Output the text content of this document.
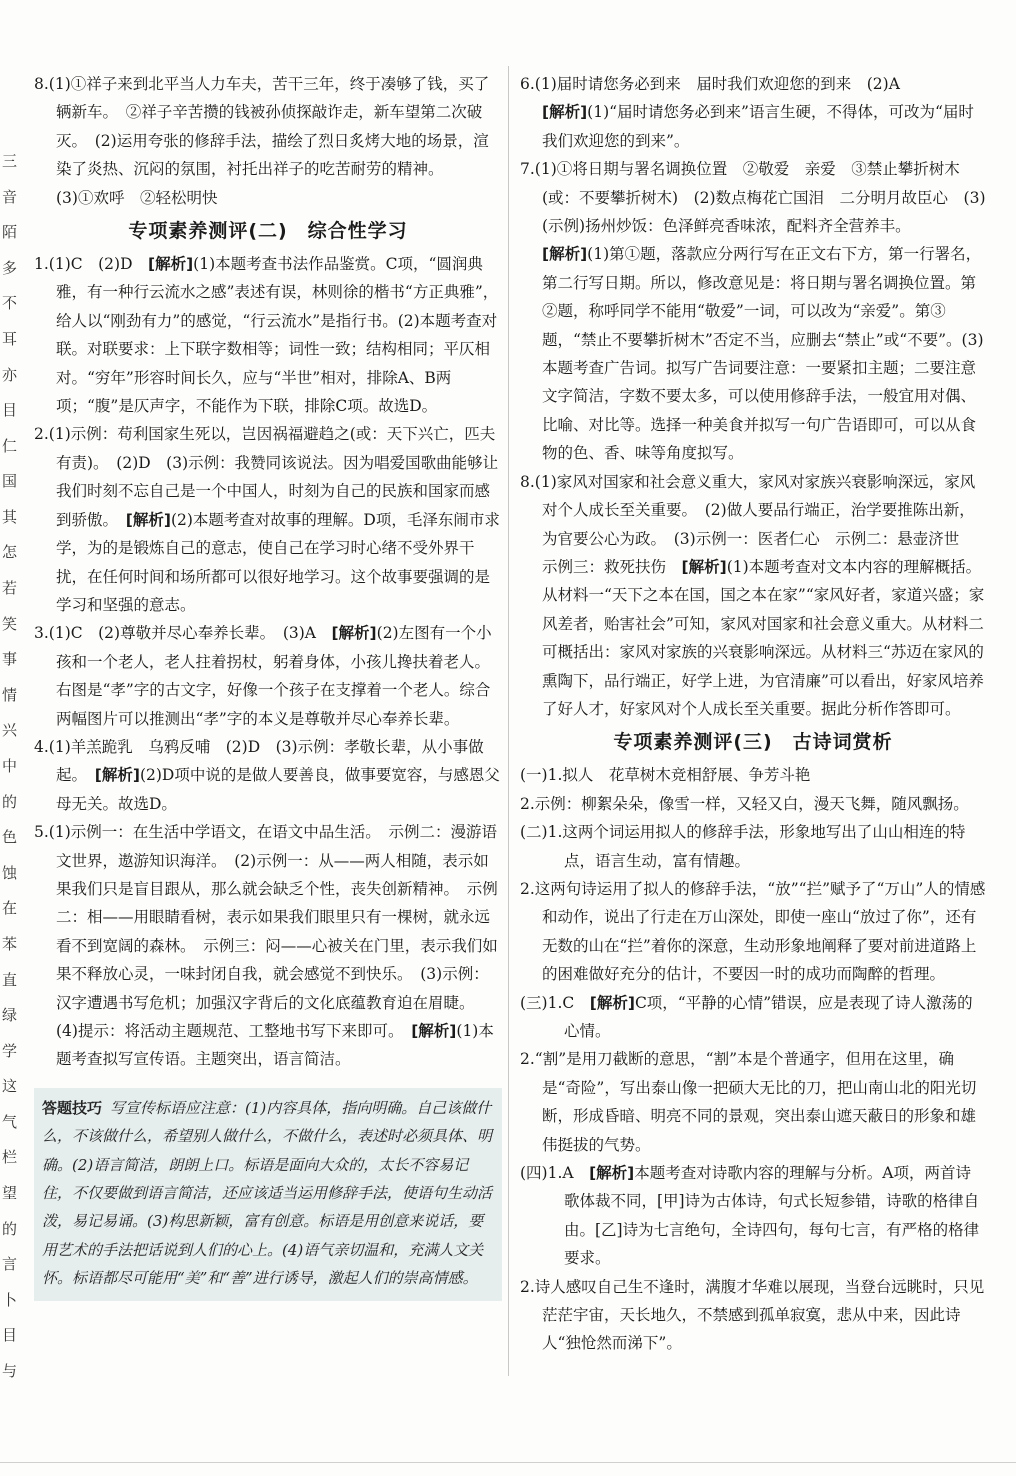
三
音
陌
多
不
耳
亦
目
仁
国
其
怎
若
笑
事
情
兴
中
的
色
蚀
在
苯
直
绿
学
这
气
栏
望
的
言
卜
目
与

8.(1)①祥子来到北平当人力车夫，苦干三年，终于凑够了钱，买了辆新车。　②祥子辛苦攒的钱被孙侦探敲诈走，新车望第二次破灭。　(2)运用夸张的修辞手法，描绘了烈日炙烤大地的场景，渲染了炎热、沉闷的氛围，衬托出祥子的吃苦耐劳的精神。

(3)①欢呼　②轻松明快

专项素养测评(二)　综合性学习

1.(1)C　(2)D　[解析](1)本题考查书法作品鉴赏。C项，“圆润典雅，有一种行云流水之感”表述有误，林则徐的楷书“方正典雅”，给人以“刚劲有力”的感觉，“行云流水”是指行书。(2)本题考查对联。对联要求：上下联字数相等；词性一致；结构相同；平仄相对。“穷年”形容时间长久，应与“半世”相对，排除A、B两项；“腹”是仄声字，不能作为下联，排除C项。故选D。

2.(1)示例：苟利国家生死以，岂因祸福避趋之(或：天下兴亡，匹夫有责)。　(2)D　(3)示例：我赞同该说法。因为唱爱国歌曲能够让我们时刻不忘自己是一个中国人，时刻为自己的民族和国家而感到骄傲。　[解析](2)本题考查对故事的理解。D项，毛泽东闹市求学，为的是锻炼自己的意志，使自己在学习时心绪不受外界干扰，在任何时间和场所都可以很好地学习。这个故事要强调的是学习和坚强的意志。

3.(1)C　(2)尊敬并尽心奉养长辈。　(3)A　[解析](2)左图有一个小孩和一个老人，老人拄着拐杖，躬着身体，小孩儿搀扶着老人。右图是“孝”字的古文字，好像一个孩子在支撑着一个老人。综合两幅图片可以推测出“孝”字的本义是尊敬并尽心奉养长辈。

4.(1)羊羔跪乳　乌鸦反哺　(2)D　(3)示例：孝敬长辈，从小事做起。　[解析](2)D项中说的是做人要善良，做事要宽容，与感恩父母无关。故选D。

5.(1)示例一：在生活中学语文，在语文中品生活。　示例二：漫游语文世界，遨游知识海洋。　(2)示例一：从——两人相随，表示如果我们只是盲目跟从，那么就会缺乏个性，丧失创新精神。　示例二：相——用眼睛看树，表示如果我们眼里只有一棵树，就永远看不到宽阔的森林。　示例三：闷——心被关在门里，表示我们如果不释放心灵，一味封闭自我，就会感觉不到快乐。　(3)示例：汉字遭遇书写危机；加强汉字背后的文化底蕴教育迫在眉睫。　(4)提示：将活动主题规范、工整地书写下来即可。　[解析](1)本题考查拟写宣传语。主题突出，语言简洁。

答题技巧 写宣传标语应注意：(1)内容具体，指向明确。自己该做什么，不该做什么，希望别人做什么，不做什么，表述时必须具体、明确。(2)语言简洁，朗朗上口。标语是面向大众的，太长不容易记住，不仅要做到语言简洁，还应该适当运用修辞手法，使语句生动活泼，易记易诵。(3)构思新颖，富有创意。标语是用创意来说话，要用艺术的手法把话说到人们的心上。(4)语气亲切温和，充满人文关怀。标语都尽可能用“美”和“善”进行诱导，激起人们的崇高情感。

6.(1)届时请您务必到来　届时我们欢迎您的到来　(2)A
[解析](1)“届时请您务必到来”语言生硬，不得体，可改为“届时我们欢迎您的到来”。

7.(1)①将日期与署名调换位置　②敬爱　亲爱　③禁止攀折树木(或：不要攀折树木)　(2)数点梅花亡国泪　二分明月故臣心　(3)(示例)扬州炒饭：色泽鲜亮香味浓，配料齐全营养丰。
[解析](1)第①题，落款应分两行写在正文右下方，第一行署名，第二行写日期。所以，修改意见是：将日期与署名调换位置。第②题，称呼同学不能用“敬爱”一词，可以改为“亲爱”。第③题，“禁止不要攀折树木”否定不当，应删去“禁止”或“不要”。(3)本题考查广告词。拟写广告词要注意：一要紧扣主题；二要注意文字简洁，字数不要太多，可以使用修辞手法，一般宜用对偶、比喻、对比等。选择一种美食并拟写一句广告语即可，可以从食物的色、香、味等角度拟写。

8.(1)家风对国家和社会意义重大，家风对家族兴衰影响深远，家风对个人成长至关重要。　(2)做人要品行端正，治学要推陈出新，为官要公心为政。　(3)示例一：医者仁心　示例二：悬壶济世　示例三：救死扶伤　[解析](1)本题考查对文本内容的理解概括。从材料一“天下之本在国，国之本在家”“家风好者，家道兴盛；家风差者，贻害社会”可知，家风对国家和社会意义重大。从材料二可概括出：家风对家族的兴衰影响深远。从材料三“苏迈在家风的熏陶下，品行端正，好学上进，为官清廉”可以看出，好家风培养了好人才，好家风对个人成长至关重要。据此分析作答即可。

专项素养测评(三)　古诗词赏析

(一)1.拟人　花草树木竞相舒展、争芳斗艳

2.示例：柳絮朵朵，像雪一样，又轻又白，漫天飞舞，随风飘扬。

(二)1.这两个词运用拟人的修辞手法，形象地写出了山山相连的特点，语言生动，富有情趣。

2.这两句诗运用了拟人的修辞手法，“放”“拦”赋予了“万山”人的情感和动作，说出了行走在万山深处，即使一座山“放过了你”，还有无数的山在“拦”着你的深意，生动形象地阐释了要对前进道路上的困难做好充分的估计，不要因一时的成功而陶醉的哲理。

(三)1.C　[解析]C项，“平静的心情”错误，应是表现了诗人激荡的心情。

2.“割”是用刀截断的意思，“割”本是个普通字，但用在这里，确是“奇险”，写出泰山像一把硕大无比的刀，把山南山北的阳光切断，形成昏暗、明亮不同的景观，突出泰山遮天蔽日的形象和雄伟挺拔的气势。

(四)1.A　[解析]本题考查对诗歌内容的理解与分析。A项，两首诗歌体裁不同，[甲]诗为古体诗，句式长短参错，诗歌的格律自由。[乙]诗为七言绝句，全诗四句，每句七言，有严格的格律要求。

2.诗人感叹自己生不逢时，满腹才华难以展现，当登台远眺时，只见茫茫宇宙，天长地久，不禁感到孤单寂寞，悲从中来，因此诗人“独怆然而涕下”。
